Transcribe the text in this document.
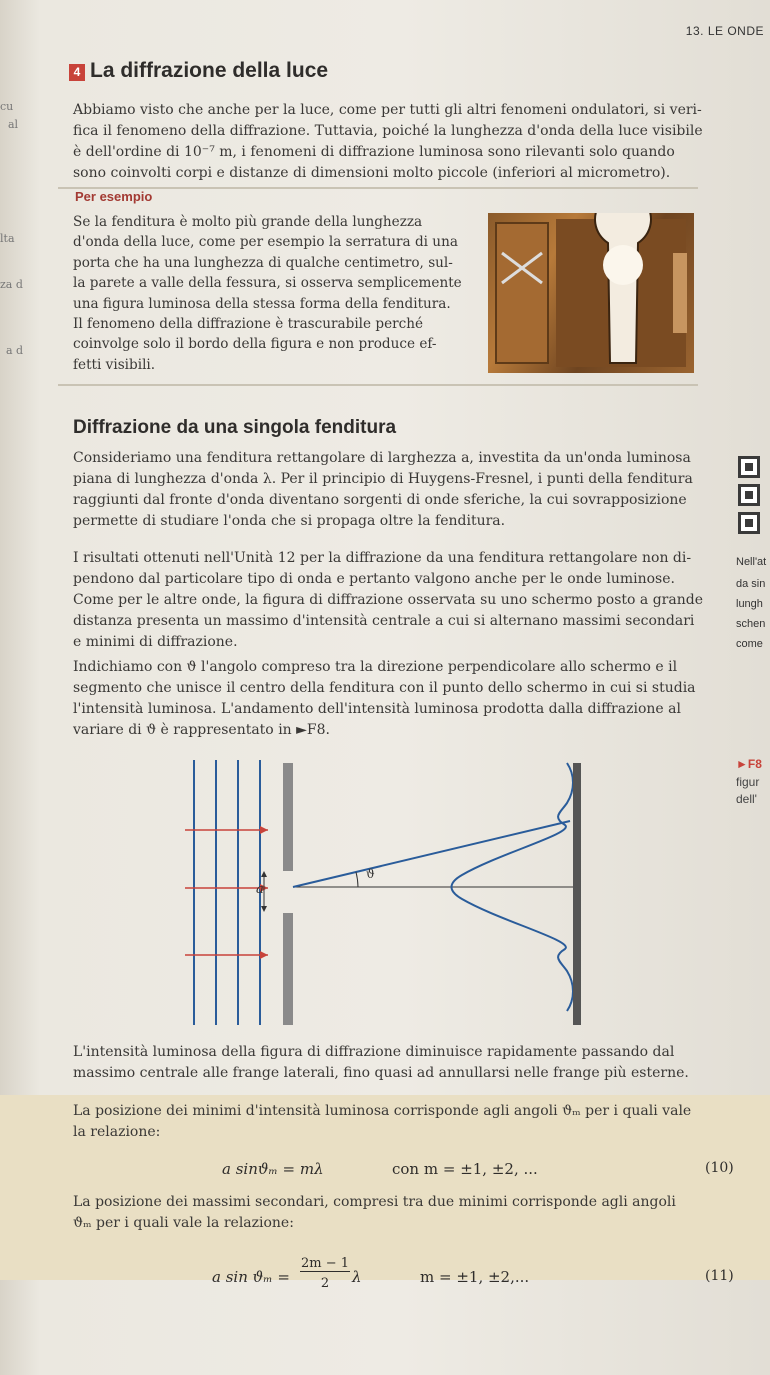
cu
al
lta
za d
a d
13. LE ONDE
4 La diffrazione della luce
Abbiamo visto che anche per la luce, come per tutti gli altri fenomeni ondulatori, si veri-
fica il fenomeno della diffrazione. Tuttavia, poiché la lunghezza d'onda della luce visibile
è dell'ordine di 10⁻⁷ m, i fenomeni di diffrazione luminosa sono rilevanti solo quando
sono coinvolti corpi e distanze di dimensioni molto piccole (inferiori al micrometro).
Per esempio
Se la fenditura è molto più grande della lunghezza
d'onda della luce, come per esempio la serratura di una
porta che ha una lunghezza di qualche centimetro, sul-
la parete a valle della fessura, si osserva semplicemente
una figura luminosa della stessa forma della fenditura.
Il fenomeno della diffrazione è trascurabile perché
coinvolge solo il bordo della figura e non produce ef-
fetti visibili.
Diffrazione da una singola fenditura
Consideriamo una fenditura rettangolare di larghezza a, investita da un'onda luminosa
piana di lunghezza d'onda λ. Per il principio di Huygens-Fresnel, i punti della fenditura
raggiunti dal fronte d'onda diventano sorgenti di onde sferiche, la cui sovrapposizione
permette di studiare l'onda che si propaga oltre la fenditura.
I risultati ottenuti nell'Unità 12 per la diffrazione da una fenditura rettangolare non di-
pendono dal particolare tipo di onda e pertanto valgono anche per le onde luminose.
Come per le altre onde, la figura di diffrazione osservata su uno schermo posto a grande
distanza presenta un massimo d'intensità centrale a cui si alternano massimi secondari
e minimi di diffrazione.
Nell'at
da sin
lungh
schen
come
Indichiamo con ϑ l'angolo compreso tra la direzione perpendicolare allo schermo e il
segmento che unisce il centro della fenditura con il punto dello schermo in cui si studia
l'intensità luminosa. L'andamento dell'intensità luminosa prodotta dalla diffrazione al
variare di ϑ è rappresentato in ►F8.
►F8
figur
dell'
a
ϑ
L'intensità luminosa della figura di diffrazione diminuisce rapidamente passando dal
massimo centrale alle frange laterali, fino quasi ad annullarsi nelle frange più esterne.
La posizione dei minimi d'intensità luminosa corrisponde agli angoli ϑₘ per i quali vale
la relazione:
a sinϑₘ = mλ	con m = ±1, ±2, ...	(10)
La posizione dei massimi secondari, compresi tra due minimi corrisponde agli angoli
ϑₘ per i quali vale la relazione:
a sin ϑₘ =
2m − 1
2	λ	m = ±1, ±2,...	(11)
